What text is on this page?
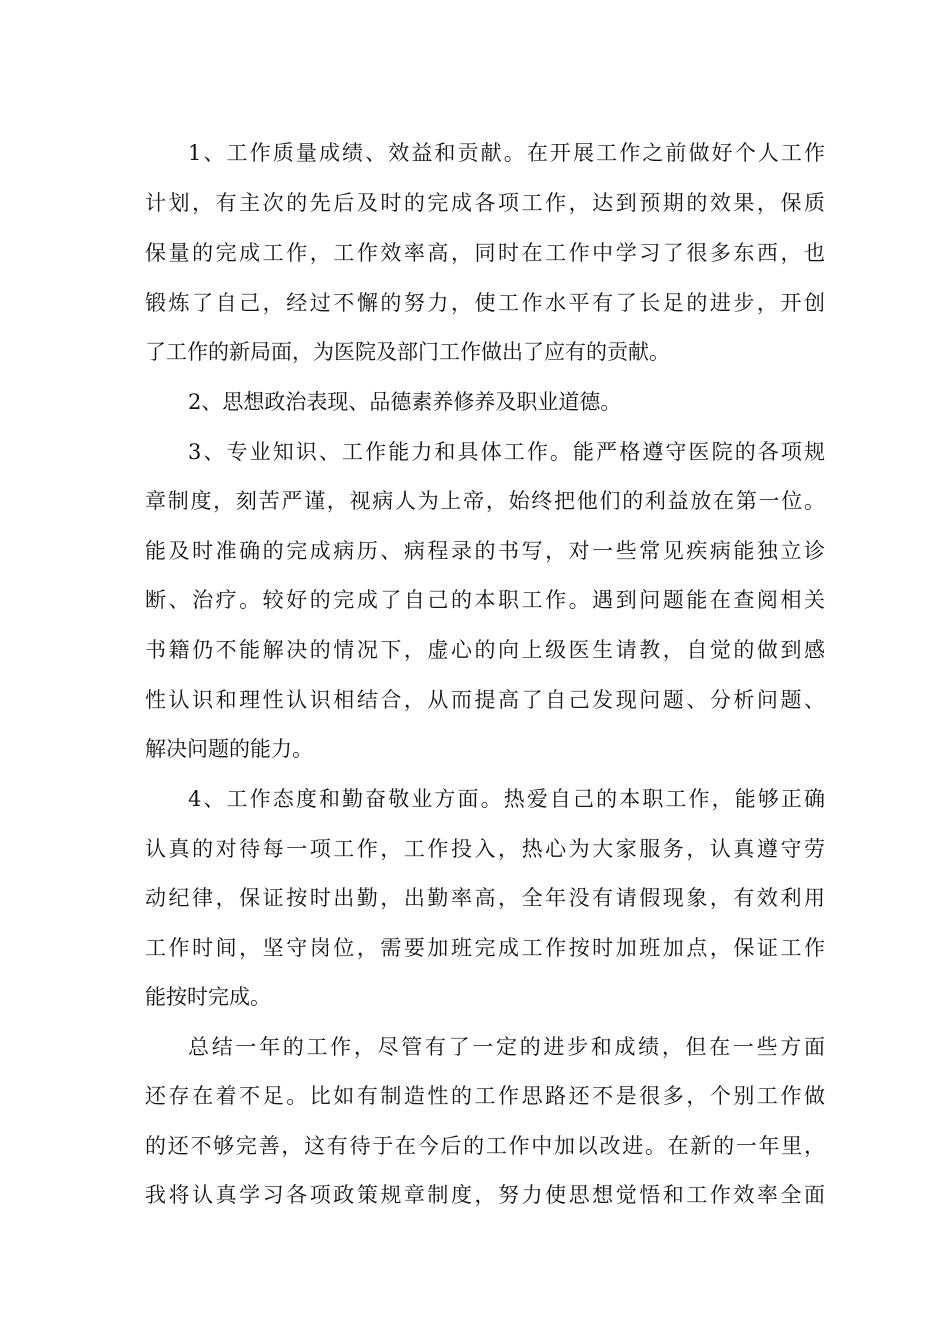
1、工作质量成绩、效益和贡献。在开展工作之前做好个人工作
计划，有主次的先后及时的完成各项工作，达到预期的效果，保质
保量的完成工作，工作效率高，同时在工作中学习了很多东西，也
锻炼了自己，经过不懈的努力，使工作水平有了长足的进步，开创
了工作的新局面，为医院及部门工作做出了应有的贡献。
2、思想政治表现、品德素养修养及职业道德。
3、专业知识、工作能力和具体工作。能严格遵守医院的各项规
章制度，刻苦严谨，视病人为上帝，始终把他们的利益放在第一位。
能及时准确的完成病历、病程录的书写，对一些常见疾病能独立诊
断、治疗。较好的完成了自己的本职工作。遇到问题能在查阅相关
书籍仍不能解决的情况下，虚心的向上级医生请教，自觉的做到感
性认识和理性认识相结合，从而提高了自己发现问题、分析问题、
解决问题的能力。
4、工作态度和勤奋敬业方面。热爱自己的本职工作，能够正确
认真的对待每一项工作，工作投入，热心为大家服务，认真遵守劳
动纪律，保证按时出勤，出勤率高，全年没有请假现象，有效利用
工作时间，坚守岗位，需要加班完成工作按时加班加点，保证工作
能按时完成。
总结一年的工作，尽管有了一定的进步和成绩，但在一些方面
还存在着不足。比如有制造性的工作思路还不是很多，个别工作做
的还不够完善，这有待于在今后的工作中加以改进。在新的一年里，
我将认真学习各项政策规章制度，努力使思想觉悟和工作效率全面
